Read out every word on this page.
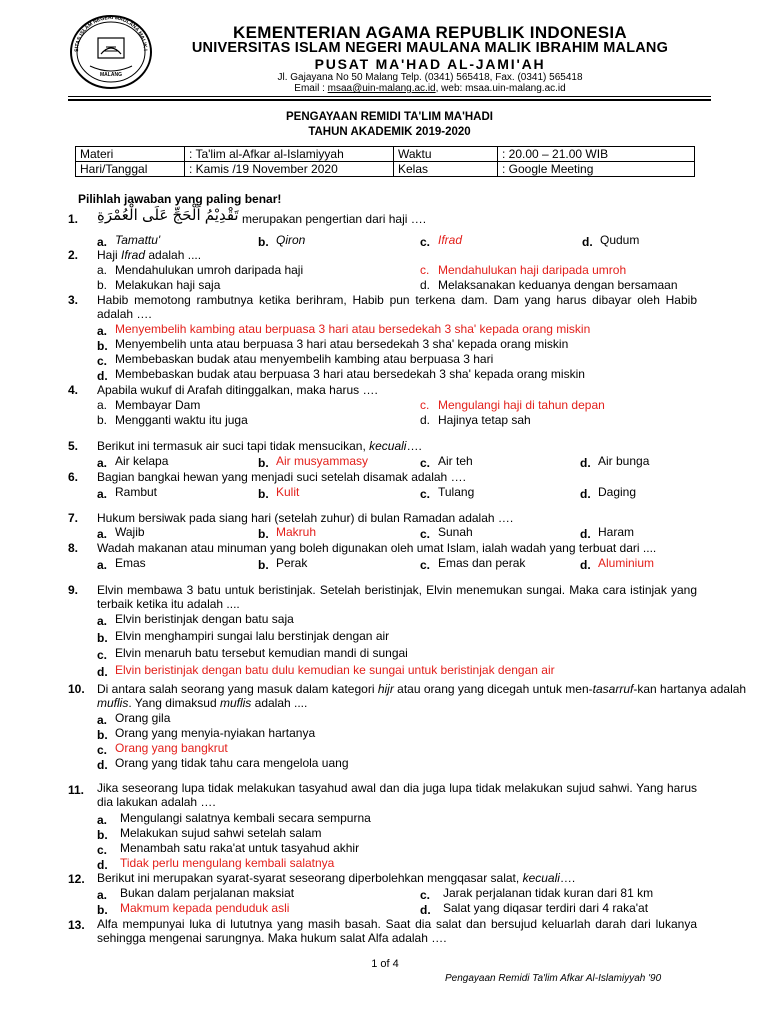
SITAS ISLAM NEGERI MAULANA MALIK I
MALANG
KEMENTERIAN AGAMA REPUBLIK INDONESIA
UNIVERSITAS ISLAM NEGERI MAULANA MALIK IBRAHIM MALANG
PUSAT MA'HAD AL-JAMI'AH
Jl. Gajayana No 50 Malang Telp. (0341) 565418, Fax. (0341) 565418
Email : msaa@uin-malang.ac.id, web: msaa.uin-malang.ac.id
PENGAYAAN REMIDI TA'LIM MA'HADI
TAHUN AKADEMIK 2019-2020
Materi	: Ta'lim al-Afkar al-Islamiyyah	Waktu	: 20.00 – 21.00 WIB
Hari/Tanggal	: Kamis /19 November 2020	Kelas	: Google Meeting
Pilihlah jawaban yang paling benar!
1. تَقْدِيْمُ اَلْحَجِّ عَلَى الْعُمْرَةِ merupakan pengertian dari haji ….
a. Tamattu'	b. Qiron	c. Ifrad	d. Qudum
2. Haji Ifrad adalah ....
a. Mendahulukan umroh daripada haji	c. Mendahulukan haji daripada umroh
b. Melakukan haji saja	d. Melaksanakan keduanya dengan bersamaan
3. Habib memotong rambutnya ketika berihram, Habib pun terkena dam. Dam yang harus dibayar oleh Habib adalah ….
a. Menyembelih kambing atau berpuasa 3 hari atau bersedekah 3 sha' kepada orang miskin
b. Menyembelih unta atau berpuasa 3 hari atau bersedekah 3 sha' kepada orang miskin
c. Membebaskan budak atau menyembelih kambing atau berpuasa 3 hari
d. Membebaskan budak atau berpuasa 3 hari atau bersedekah 3 sha' kepada orang miskin
4. Apabila wukuf di Arafah ditinggalkan, maka harus ….
a. Membayar Dam	c. Mengulangi haji di tahun depan
b. Mengganti waktu itu juga	d. Hajinya tetap sah
5. Berikut ini termasuk air suci tapi tidak mensucikan, kecuali….
a. Air kelapa	b. Air musyammasy	c. Air teh	d. Air bunga
6. Bagian bangkai hewan yang menjadi suci setelah disamak adalah ….
a. Rambut	b. Kulit	c. Tulang	d. Daging
7. Hukum bersiwak pada siang hari (setelah zuhur) di bulan Ramadan adalah ….
a. Wajib	b. Makruh	c. Sunah	d. Haram
8. Wadah makanan atau minuman yang boleh digunakan oleh umat Islam, ialah wadah yang terbuat dari ....
a. Emas	b. Perak	c. Emas dan perak	d. Aluminium
9. Elvin membawa 3 batu untuk beristinjak. Setelah beristinjak, Elvin menemukan sungai. Maka cara istinjak yang terbaik ketika itu adalah ....
a. Elvin beristinjak dengan batu saja
b. Elvin menghampiri sungai lalu berstinjak dengan air
c. Elvin menaruh batu tersebut kemudian mandi di sungai
d. Elvin beristinjak dengan batu dulu kemudian ke sungai untuk beristinjak dengan air
10. Di antara salah seorang yang masuk dalam kategori hijr atau orang yang dicegah untuk men-tasarruf-kan hartanya adalah
muflis. Yang dimaksud muflis adalah ....
a. Orang gila
b. Orang yang menyia-nyiakan hartanya
c. Orang yang bangkrut
d. Orang yang tidak tahu cara mengelola uang
11. Jika seseorang lupa tidak melakukan tasyahud awal dan dia juga lupa tidak melakukan sujud sahwi. Yang harus dia lakukan adalah ….
a. Mengulangi salatnya kembali secara sempurna
b. Melakukan sujud sahwi setelah salam
c. Menambah satu raka'at untuk tasyahud akhir
d. Tidak perlu mengulang kembali salatnya
12. Berikut ini merupakan syarat-syarat seseorang diperbolehkan mengqasar salat, kecuali….
a. Bukan dalam perjalanan maksiat	c. Jarak perjalanan tidak kuran dari 81 km
b. Makmum kepada penduduk asli	d. Salat yang diqasar terdiri dari 4 raka'at
13. Alfa mempunyai luka di lututnya yang masih basah. Saat dia salat dan bersujud keluarlah darah dari lukanya sehingga mengenai sarungnya. Maka hukum salat Alfa adalah ….
1 of 4
Pengayaan Remidi Ta'lim Afkar Al-Islamiyyah '90
